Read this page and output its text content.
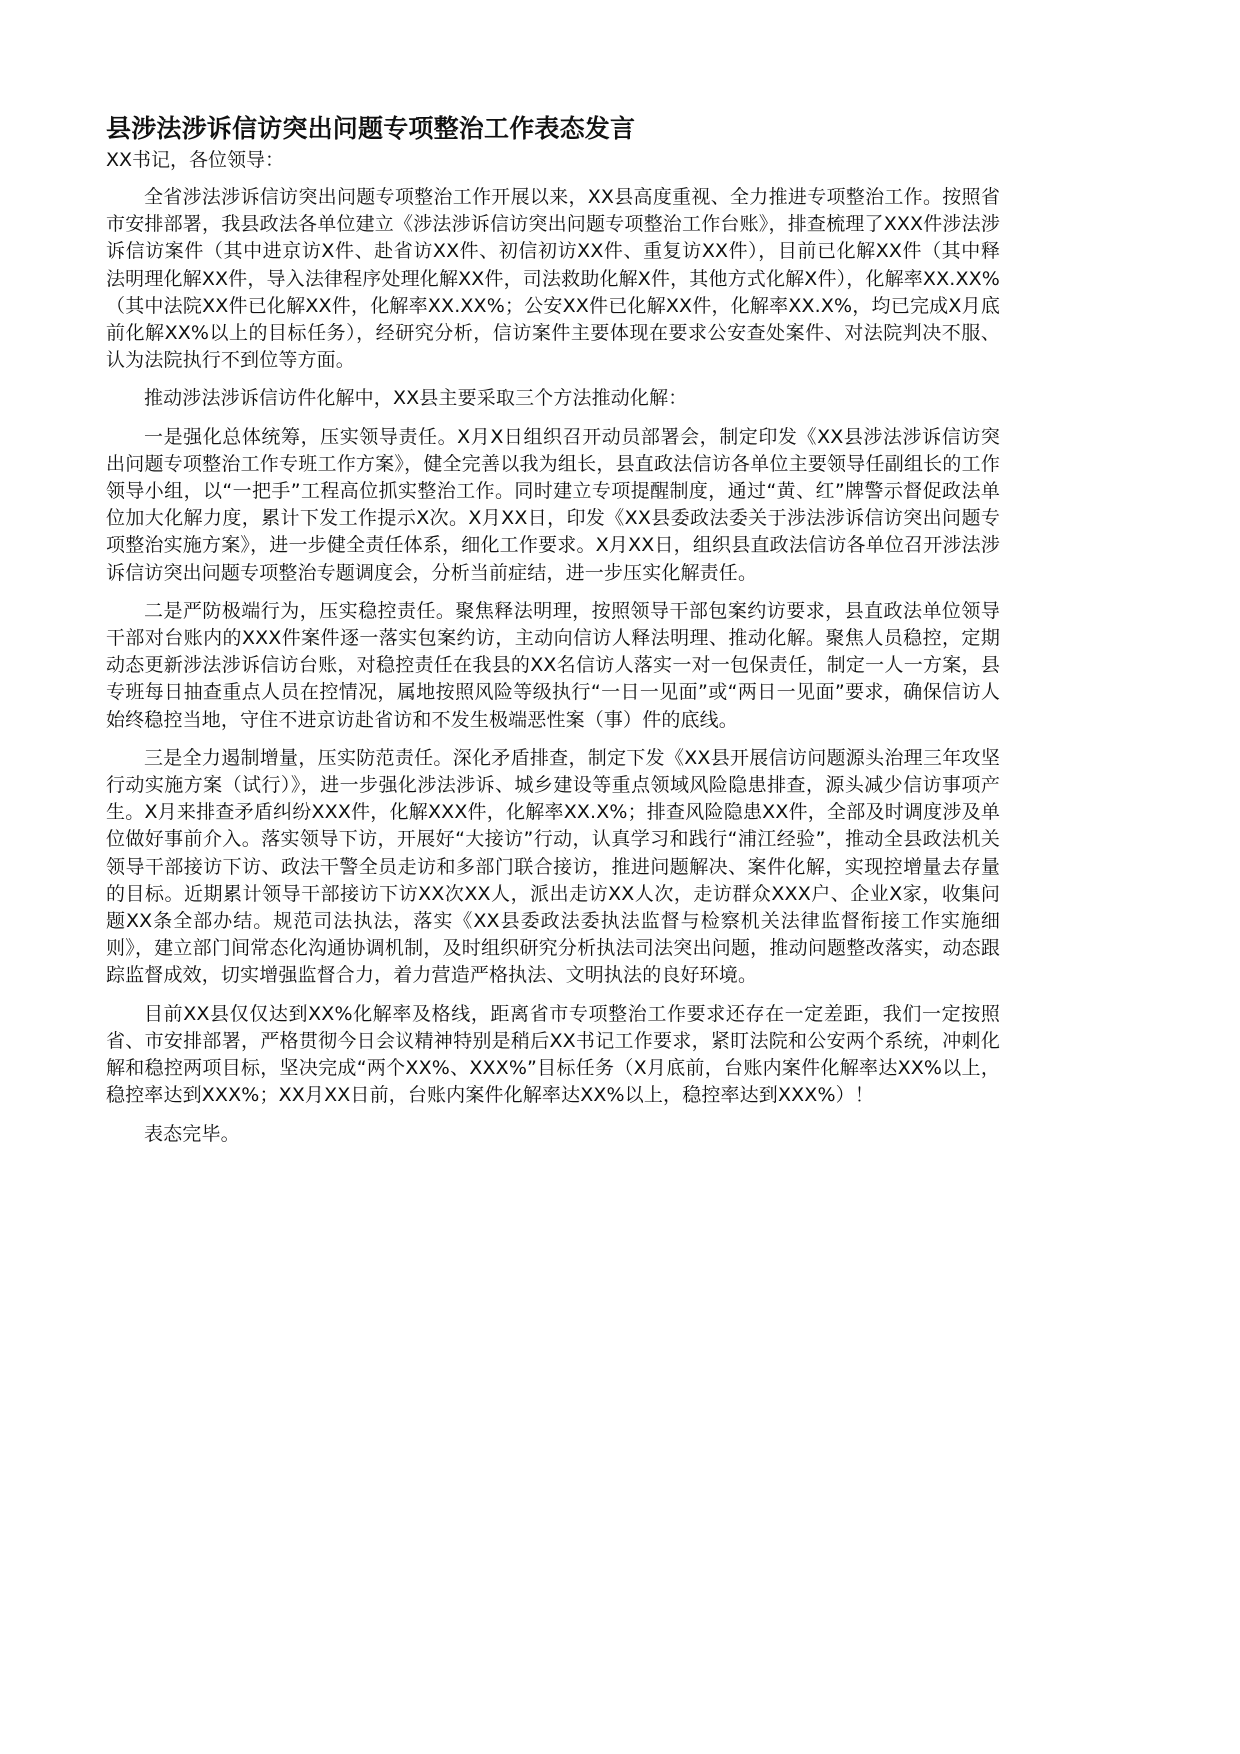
县涉法涉诉信访突出问题专项整治工作表态发言

XX书记，各位领导：

全省涉法涉诉信访突出问题专项整治工作开展以来，XX县高度重视、全力推进专项整治工作。按照省市安排部署，我县政法各单位建立《涉法涉诉信访突出问题专项整治工作台账》，排查梳理了XXX件涉法涉诉信访案件（其中进京访X件、赴省访XX件、初信初访XX件、重复访XX件），目前已化解XX件（其中释法明理化解XX件，导入法律程序处理化解XX件，司法救助化解X件，其他方式化解X件），化解率XX.XX%（其中法院XX件已化解XX件，化解率XX.XX%；公安XX件已化解XX件，化解率XX.X%，均已完成X月底前化解XX%以上的目标任务），经研究分析，信访案件主要体现在要求公安查处案件、对法院判决不服、认为法院执行不到位等方面。

推动涉法涉诉信访件化解中，XX县主要采取三个方法推动化解：

一是强化总体统筹，压实领导责任。X月X日组织召开动员部署会，制定印发《XX县涉法涉诉信访突出问题专项整治工作专班工作方案》，健全完善以我为组长，县直政法信访各单位主要领导任副组长的工作领导小组，以“一把手”工程高位抓实整治工作。同时建立专项提醒制度，通过“黄、红”牌警示督促政法单位加大化解力度，累计下发工作提示X次。X月XX日，印发《XX县委政法委关于涉法涉诉信访突出问题专项整治实施方案》，进一步健全责任体系，细化工作要求。X月XX日，组织县直政法信访各单位召开涉法涉诉信访突出问题专项整治专题调度会，分析当前症结，进一步压实化解责任。

二是严防极端行为，压实稳控责任。聚焦释法明理，按照领导干部包案约访要求，县直政法单位领导干部对台账内的XXX件案件逐一落实包案约访，主动向信访人释法明理、推动化解。聚焦人员稳控，定期动态更新涉法涉诉信访台账，对稳控责任在我县的XX名信访人落实一对一包保责任，制定一人一方案，县专班每日抽查重点人员在控情况，属地按照风险等级执行“一日一见面”或“两日一见面”要求，确保信访人始终稳控当地，守住不进京访赴省访和不发生极端恶性案（事）件的底线。

三是全力遏制增量，压实防范责任。深化矛盾排查，制定下发《XX县开展信访问题源头治理三年攻坚行动实施方案（试行）》，进一步强化涉法涉诉、城乡建设等重点领域风险隐患排查，源头减少信访事项产生。X月来排查矛盾纠纷XXX件，化解XXX件，化解率XX.X%；排查风险隐患XX件，全部及时调度涉及单位做好事前介入。落实领导下访，开展好“大接访”行动，认真学习和践行“浦江经验”，推动全县政法机关领导干部接访下访、政法干警全员走访和多部门联合接访，推进问题解决、案件化解，实现控增量去存量的目标。近期累计领导干部接访下访XX次XX人，派出走访XX人次，走访群众XXX户、企业X家，收集问题XX条全部办结。规范司法执法，落实《XX县委政法委执法监督与检察机关法律监督衔接工作实施细则》，建立部门间常态化沟通协调机制，及时组织研究分析执法司法突出问题，推动问题整改落实，动态跟踪监督成效，切实增强监督合力，着力营造严格执法、文明执法的良好环境。

目前XX县仅仅达到XX%化解率及格线，距离省市专项整治工作要求还存在一定差距，我们一定按照省、市安排部署，严格贯彻今日会议精神特别是稍后XX书记工作要求，紧盯法院和公安两个系统，冲刺化解和稳控两项目标，坚决完成“两个XX%、XXX%”目标任务（X月底前，台账内案件化解率达XX%以上，稳控率达到XXX%；XX月XX日前，台账内案件化解率达XX%以上，稳控率达到XXX%）！

表态完毕。
